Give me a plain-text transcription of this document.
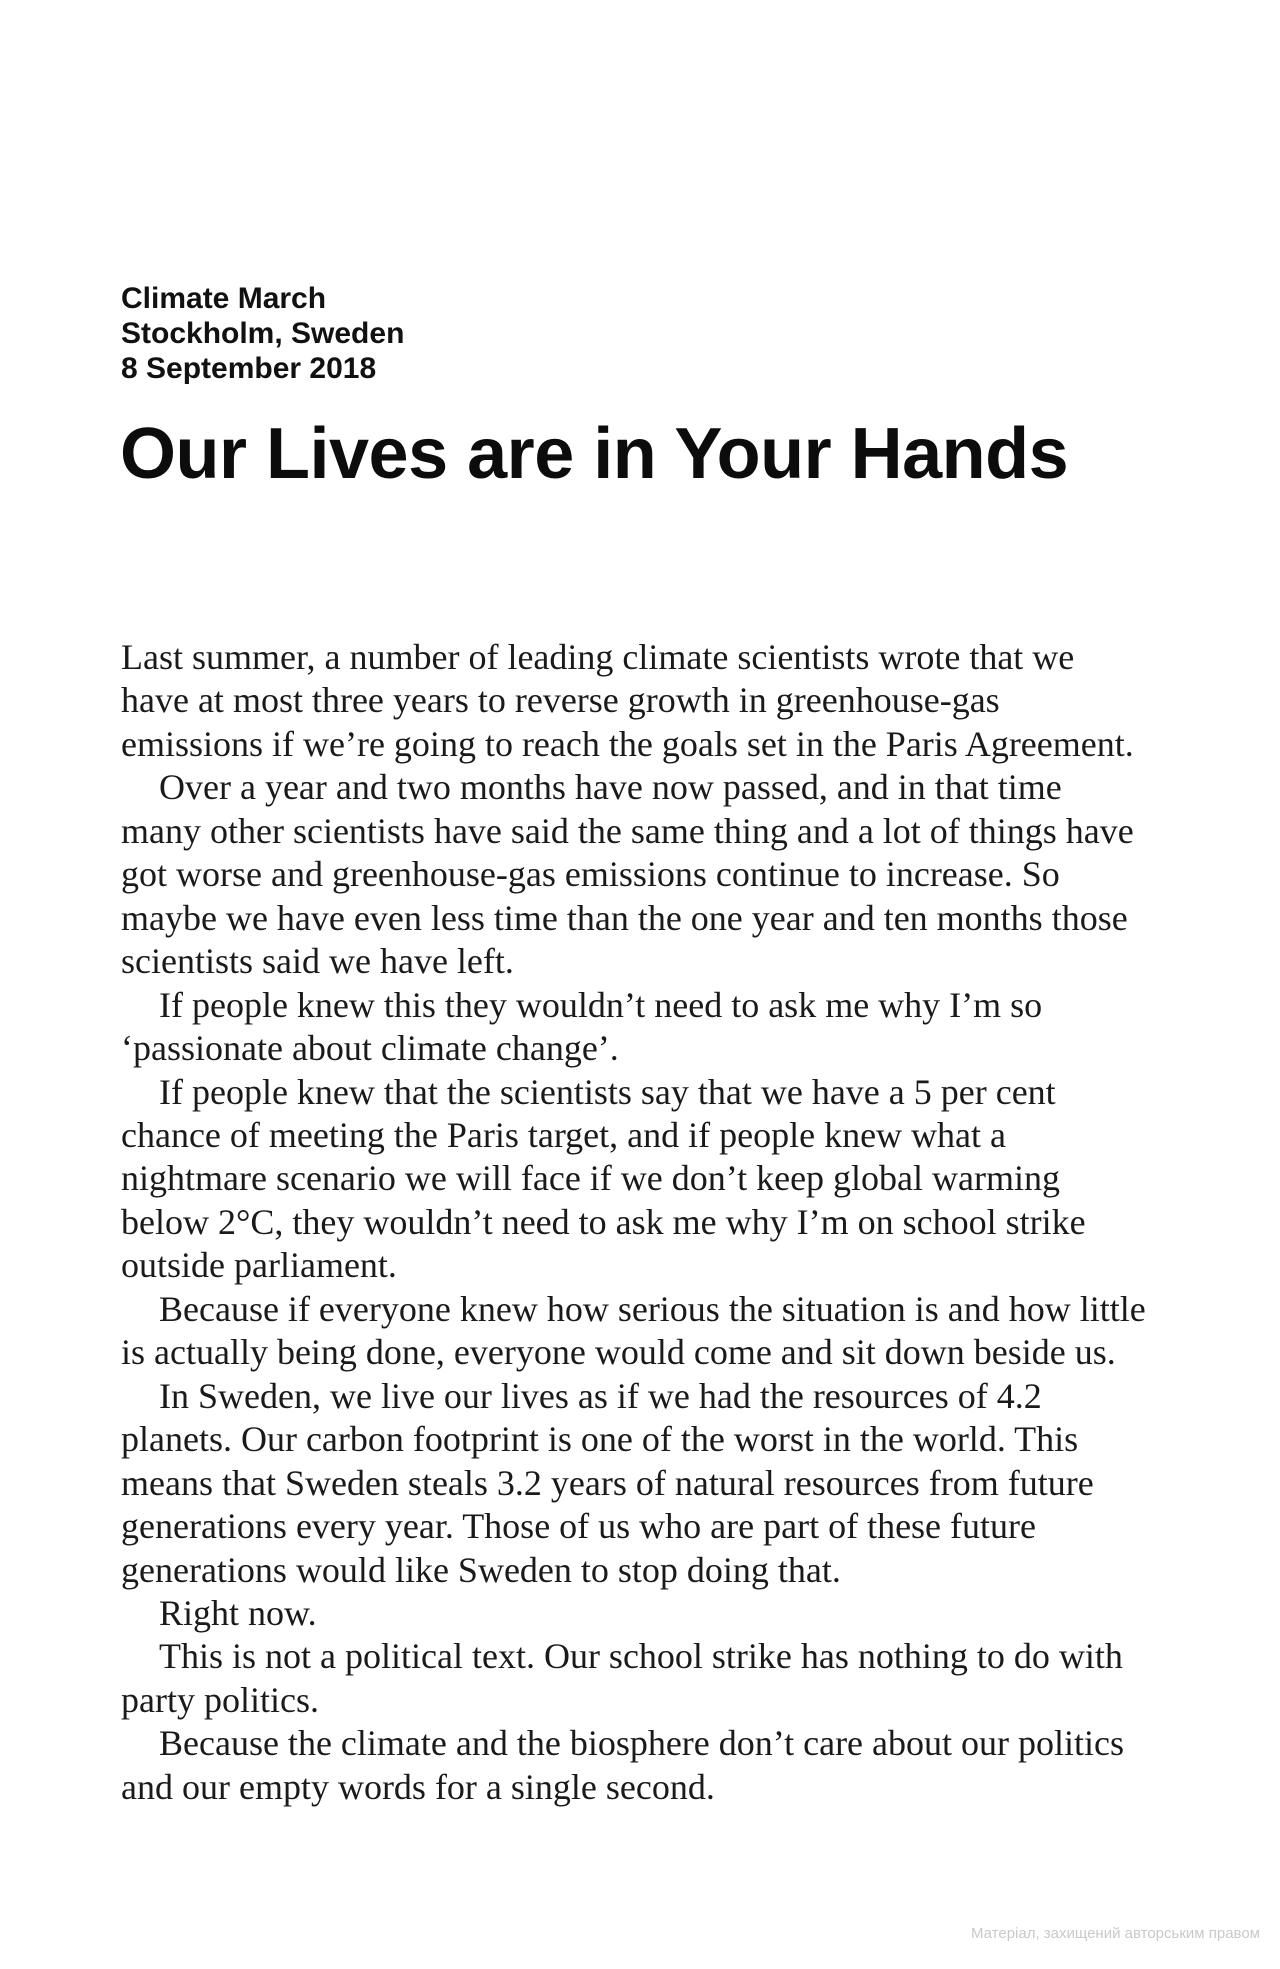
Climate March
Stockholm, Sweden
8 September 2018
Our Lives are in Your Hands

Last summer, a number of leading climate scientists wrote that we
have at most three years to reverse growth in greenhouse-gas
emissions if we’re going to reach the goals set in the Paris Agreement.

Over a year and two months have now passed, and in that time
many other scientists have said the same thing and a lot of things have
got worse and greenhouse-gas emissions continue to increase. So
maybe we have even less time than the one year and ten months those
scientists said we have left.

If people knew this they wouldn’t need to ask me why I’m so
‘passionate about climate change’.

If people knew that the scientists say that we have a 5 per cent
chance of meeting the Paris target, and if people knew what a
nightmare scenario we will face if we don’t keep global warming
below 2°C, they wouldn’t need to ask me why I’m on school strike
outside parliament.

Because if everyone knew how serious the situation is and how little
is actually being done, everyone would come and sit down beside us.

In Sweden, we live our lives as if we had the resources of 4.2
planets. Our carbon footprint is one of the worst in the world. This
means that Sweden steals 3.2 years of natural resources from future
generations every year. Those of us who are part of these future
generations would like Sweden to stop doing that.

Right now.

This is not a political text. Our school strike has nothing to do with
party politics.

Because the climate and the biosphere don’t care about our politics
and our empty words for a single second.

Матеріал, захищений авторським правом
